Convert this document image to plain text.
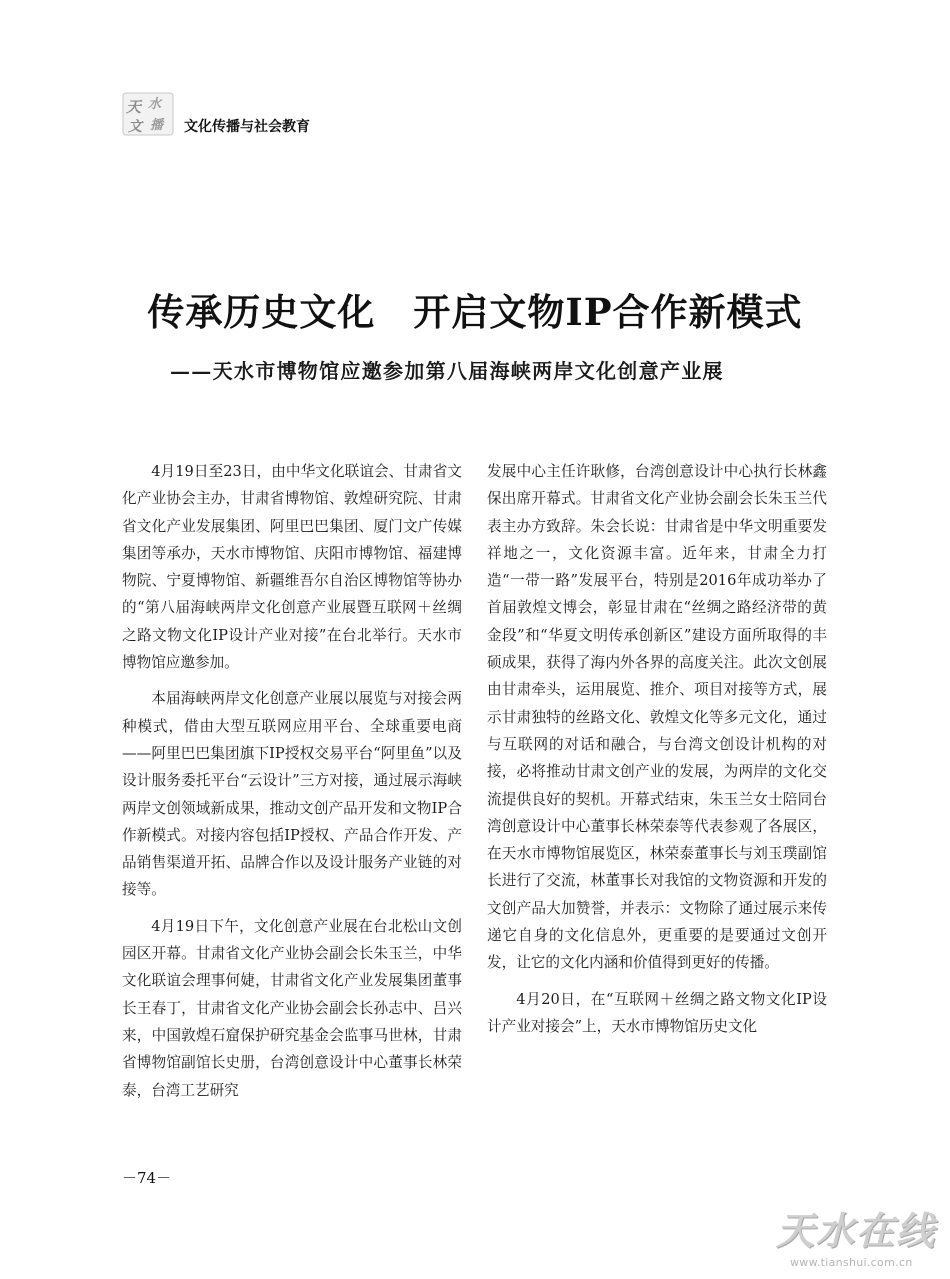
天 水
文 播 文化传播与社会教育
传承历史文化　开启文物IP合作新模式
——天水市博物馆应邀参加第八届海峡两岸文化创意产业展

4月19日至23日，由中华文化联谊会、甘肃省文化产业协会主办，甘肃省博物馆、敦煌研究院、甘肃省文化产业发展集团、阿里巴巴集团、厦门文广传媒集团等承办，天水市博物馆、庆阳市博物馆、福建博物院、宁夏博物馆、新疆维吾尔自治区博物馆等协办的“第八届海峡两岸文化创意产业展暨互联网＋丝绸之路文物文化IP设计产业对接”在台北举行。天水市博物馆应邀参加。

本届海峡两岸文化创意产业展以展览与对接会两种模式，借由大型互联网应用平台、全球重要电商——阿里巴巴集团旗下IP授权交易平台“阿里鱼”以及设计服务委托平台“云设计”三方对接，通过展示海峡两岸文创领域新成果，推动文创产品开发和文物IP合作新模式。对接内容包括IP授权、产品合作开发、产品销售渠道开拓、品牌合作以及设计服务产业链的对接等。

4月19日下午，文化创意产业展在台北松山文创园区开幕。甘肃省文化产业协会副会长朱玉兰，中华文化联谊会理事何婕，甘肃省文化产业发展集团董事长王春丁，甘肃省文化产业协会副会长孙志中、吕兴来，中国敦煌石窟保护研究基金会监事马世林，甘肃省博物馆副馆长史册，台湾创意设计中心董事长林荣泰，台湾工艺研究

发展中心主任许耿修，台湾创意设计中心执行长林鑫保出席开幕式。甘肃省文化产业协会副会长朱玉兰代表主办方致辞。朱会长说：甘肃省是中华文明重要发祥地之一，文化资源丰富。近年来，甘肃全力打造“一带一路”发展平台，特别是2016年成功举办了首届敦煌文博会，彰显甘肃在“丝绸之路经济带的黄金段”和“华夏文明传承创新区”建设方面所取得的丰硕成果，获得了海内外各界的高度关注。此次文创展由甘肃牵头，运用展览、推介、项目对接等方式，展示甘肃独特的丝路文化、敦煌文化等多元文化，通过与互联网的对话和融合，与台湾文创设计机构的对接，必将推动甘肃文创产业的发展，为两岸的文化交流提供良好的契机。开幕式结束，朱玉兰女士陪同台湾创意设计中心董事长林荣泰等代表参观了各展区，在天水市博物馆展览区，林荣泰董事长与刘玉璞副馆长进行了交流，林董事长对我馆的文物资源和开发的文创产品大加赞誉，并表示：文物除了通过展示来传递它自身的文化信息外，更重要的是要通过文创开发，让它的文化内涵和价值得到更好的传播。

4月20日，在“互联网＋丝绸之路文物文化IP设计产业对接会”上，天水市博物馆历史文化

－74－
天水在线
www.tianshui.com.cn
